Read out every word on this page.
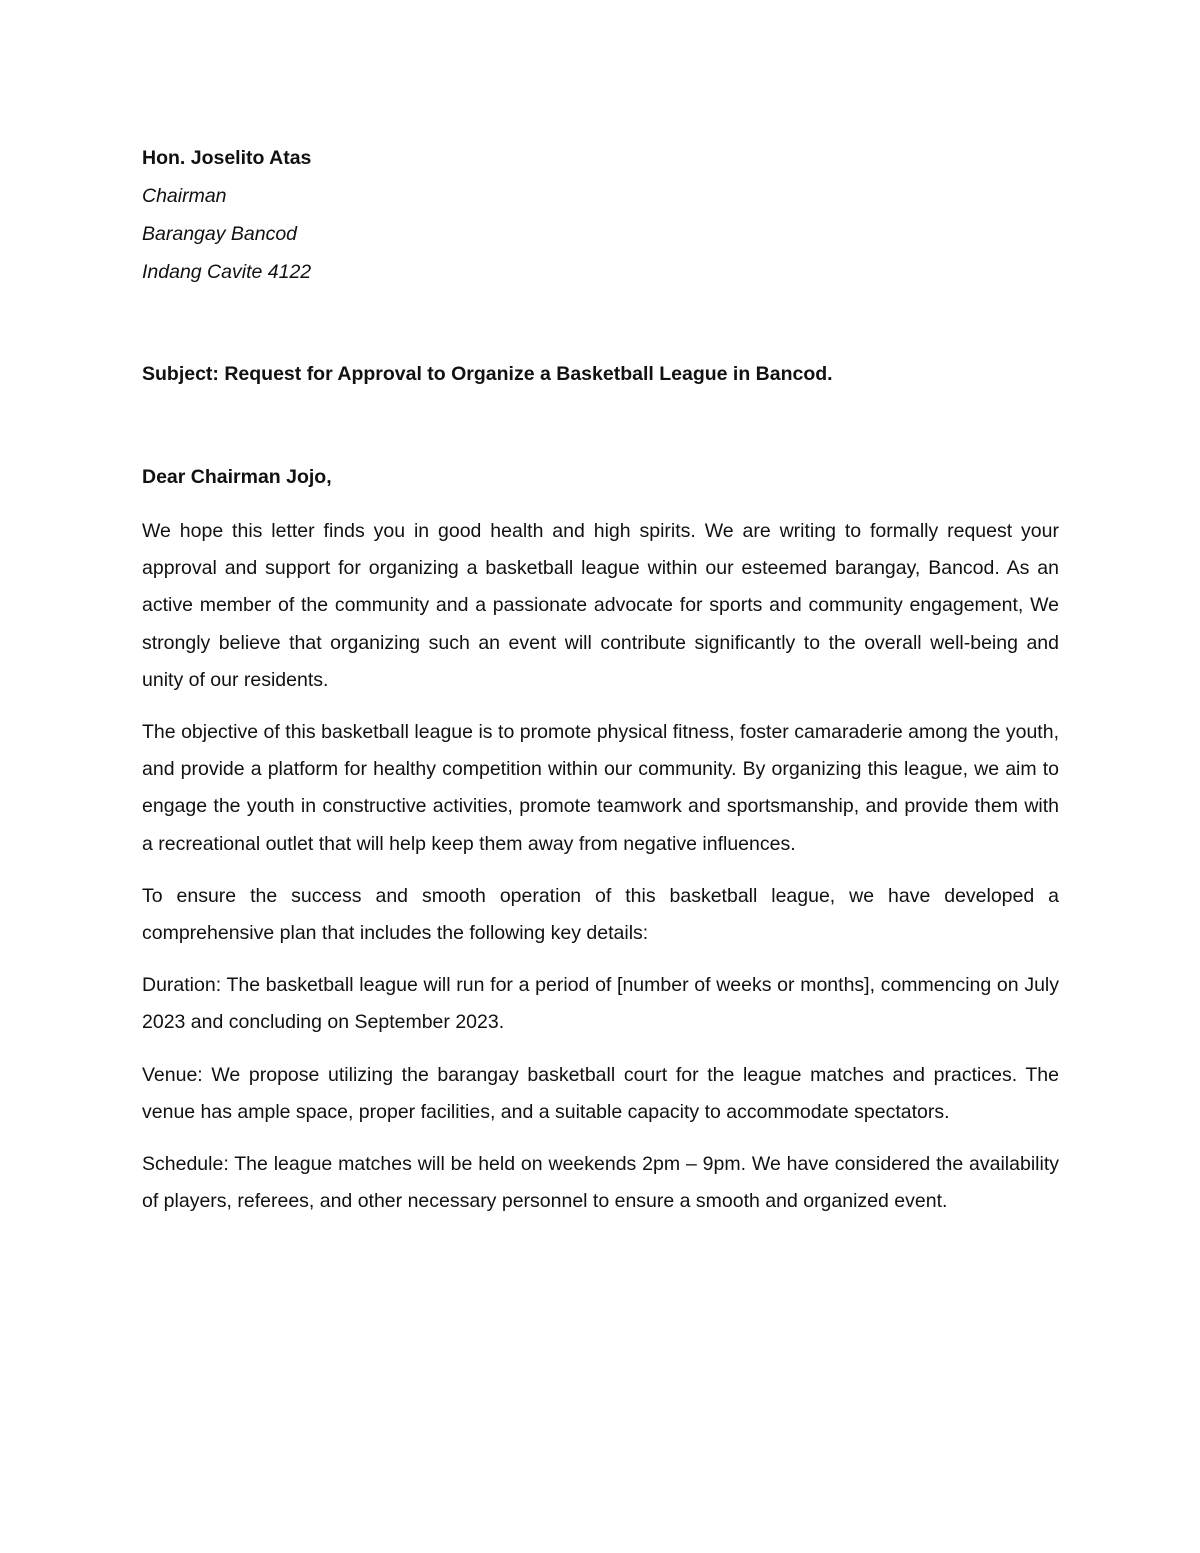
Hon. Joselito Atas

Chairman

Barangay Bancod

Indang Cavite 4122

Subject: Request for Approval to Organize a Basketball League in Bancod.

Dear Chairman Jojo,

We hope this letter finds you in good health and high spirits. We are writing to formally request your approval and support for organizing a basketball league within our esteemed barangay, Bancod. As an active member of the community and a passionate advocate for sports and community engagement, We strongly believe that organizing such an event will contribute significantly to the overall well-being and unity of our residents.

The objective of this basketball league is to promote physical fitness, foster camaraderie among the youth, and provide a platform for healthy competition within our community. By organizing this league, we aim to engage the youth in constructive activities, promote teamwork and sportsmanship, and provide them with a recreational outlet that will help keep them away from negative influences.

To ensure the success and smooth operation of this basketball league, we have developed a comprehensive plan that includes the following key details:

Duration: The basketball league will run for a period of [number of weeks or months], commencing on July 2023 and concluding on September 2023.

Venue: We propose utilizing the barangay basketball court for the league matches and practices. The venue has ample space, proper facilities, and a suitable capacity to accommodate spectators.

Schedule: The league matches will be held on weekends 2pm – 9pm. We have considered the availability of players, referees, and other necessary personnel to ensure a smooth and organized event.
